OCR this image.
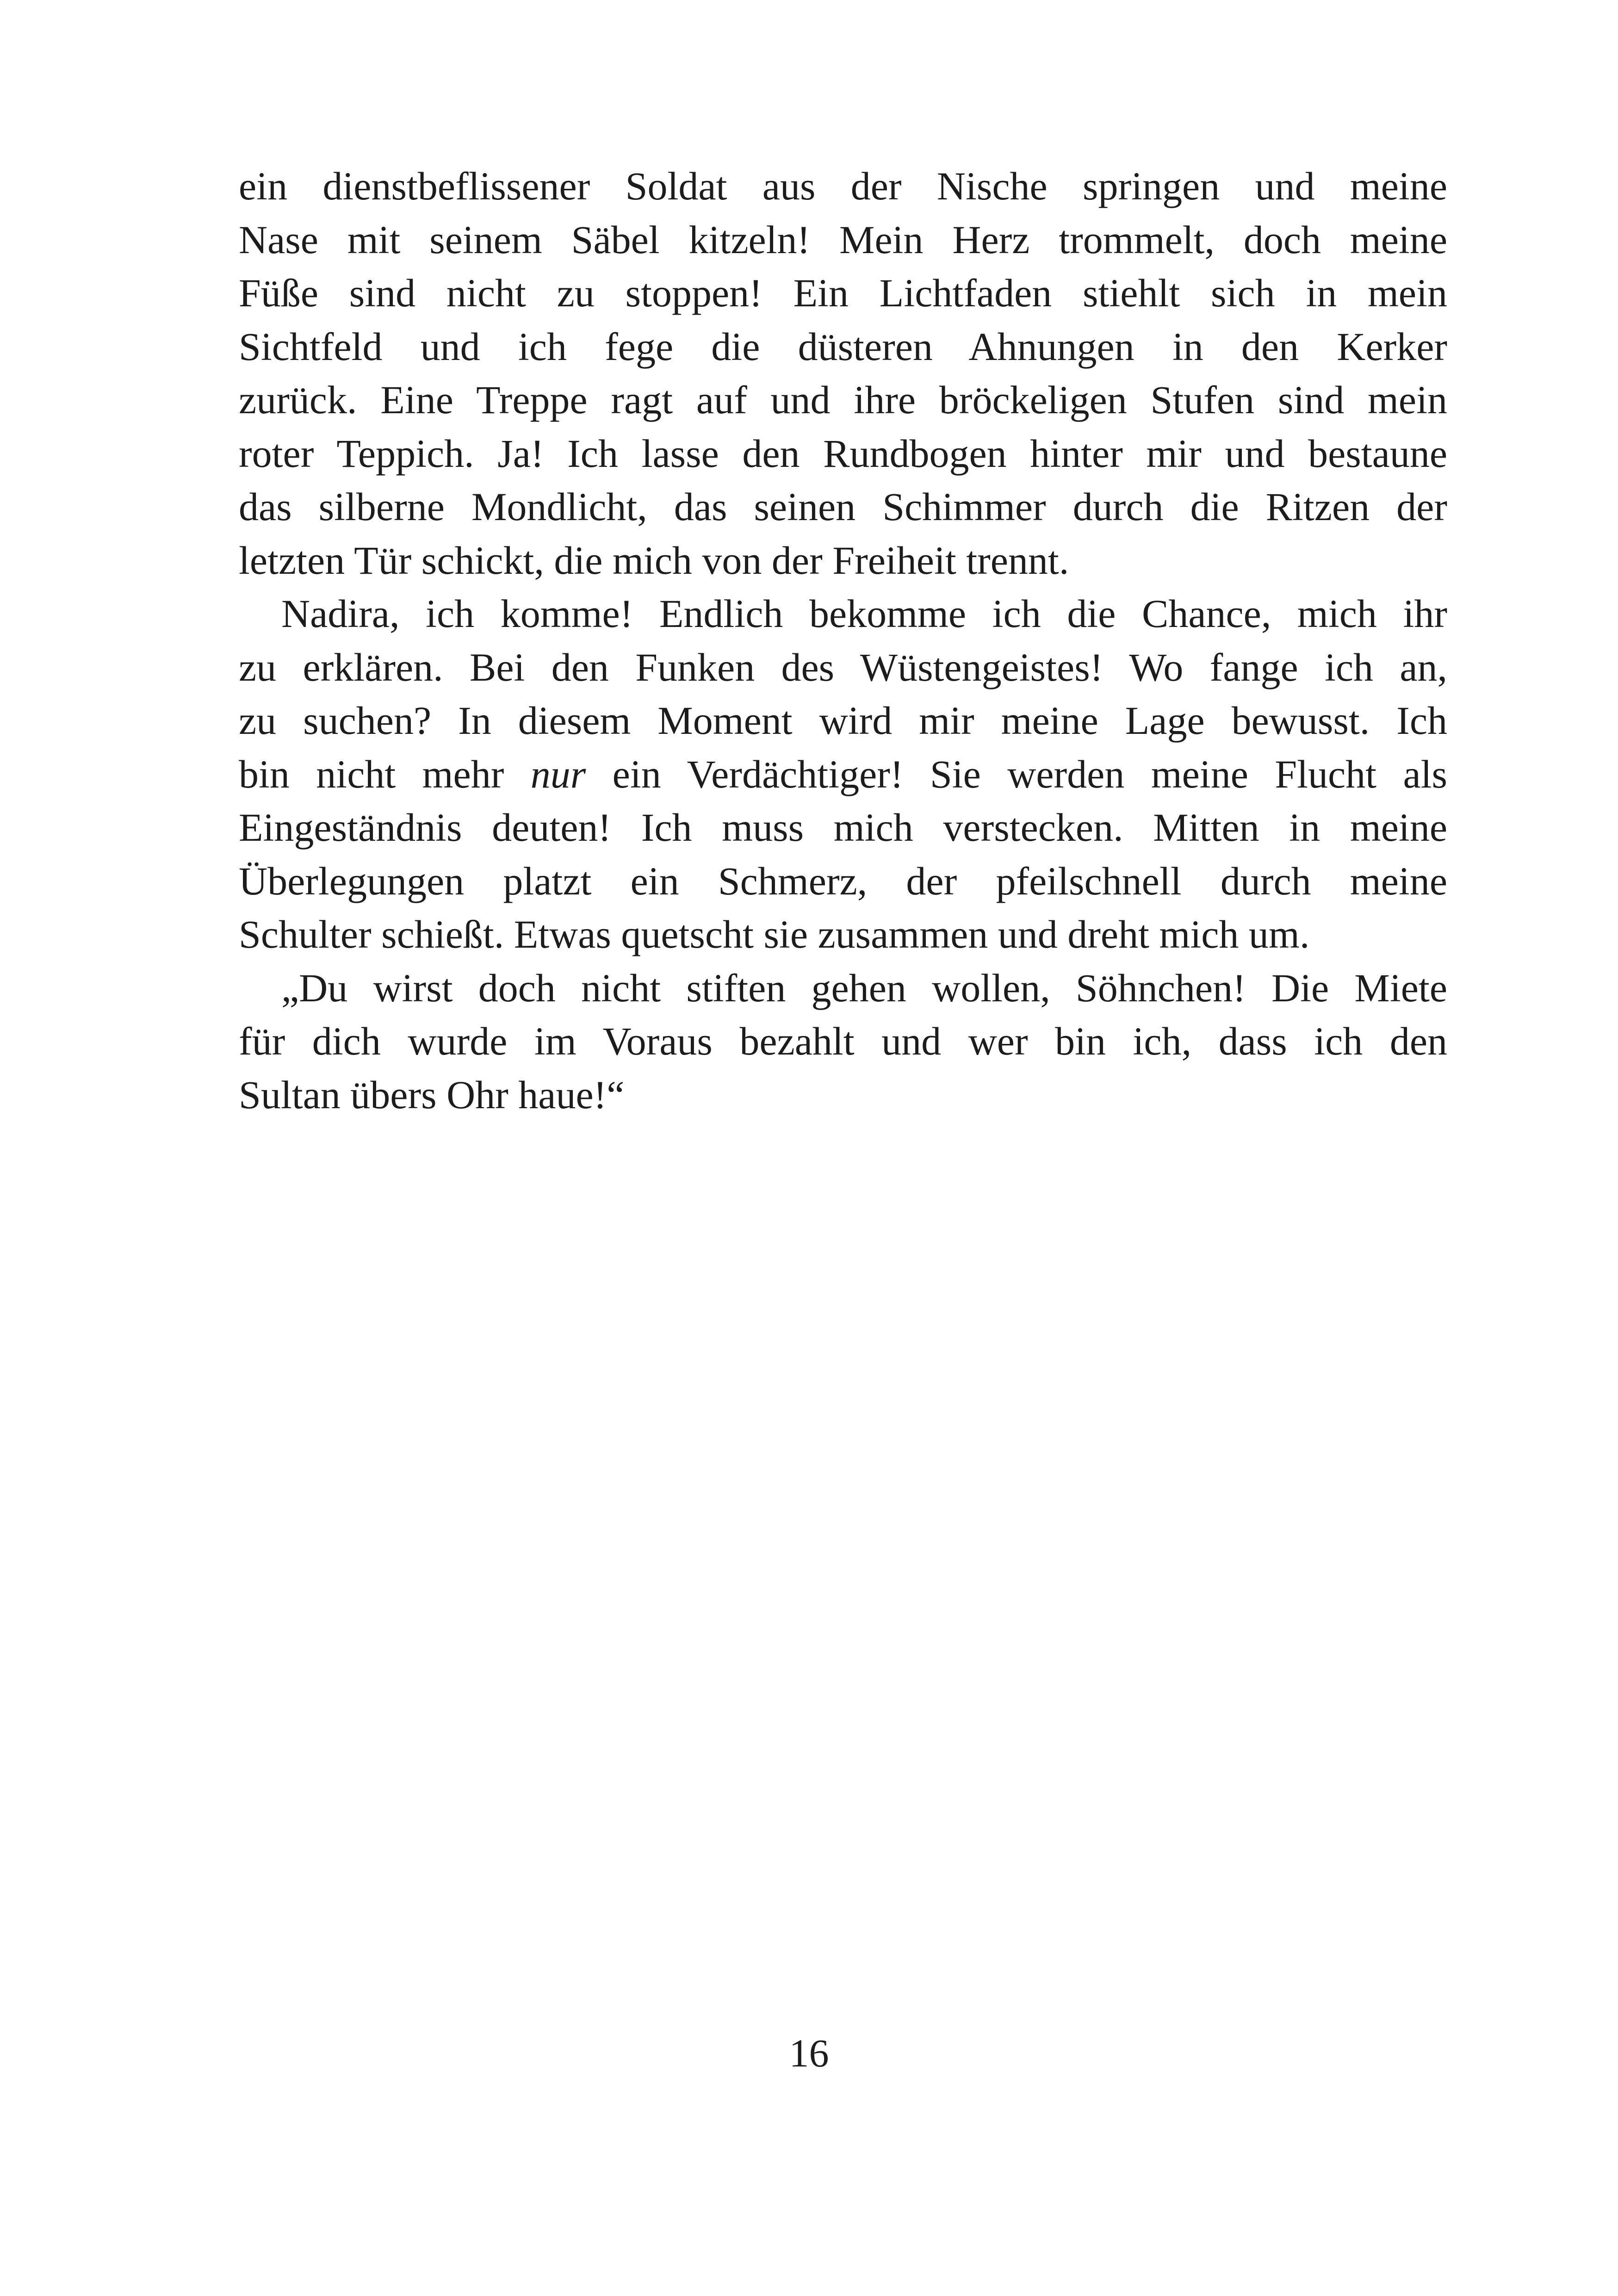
ein dienstbeflissener Soldat aus der Nische springen und meine
Nase mit seinem Säbel kitzeln! Mein Herz trommelt, doch meine
Füße sind nicht zu stoppen! Ein Lichtfaden stiehlt sich in mein
Sichtfeld und ich fege die düsteren Ahnungen in den Kerker
zurück. Eine Treppe ragt auf und ihre bröckeligen Stufen sind mein
roter Teppich. Ja! Ich lasse den Rundbogen hinter mir und bestaune
das silberne Mondlicht, das seinen Schimmer durch die Ritzen der
letzten Tür schickt, die mich von der Freiheit trennt.

Nadira, ich komme! Endlich bekomme ich die Chance, mich ihr
zu erklären. Bei den Funken des Wüstengeistes! Wo fange ich an,
zu suchen? In diesem Moment wird mir meine Lage bewusst. Ich
bin nicht mehr nur ein Verdächtiger! Sie werden meine Flucht als
Eingeständnis deuten! Ich muss mich verstecken. Mitten in meine
Überlegungen platzt ein Schmerz, der pfeilschnell durch meine
Schulter schießt. Etwas quetscht sie zusammen und dreht mich um.

„Du wirst doch nicht stiften gehen wollen, Söhnchen! Die Miete
für dich wurde im Voraus bezahlt und wer bin ich, dass ich den
Sultan übers Ohr haue!“

16
